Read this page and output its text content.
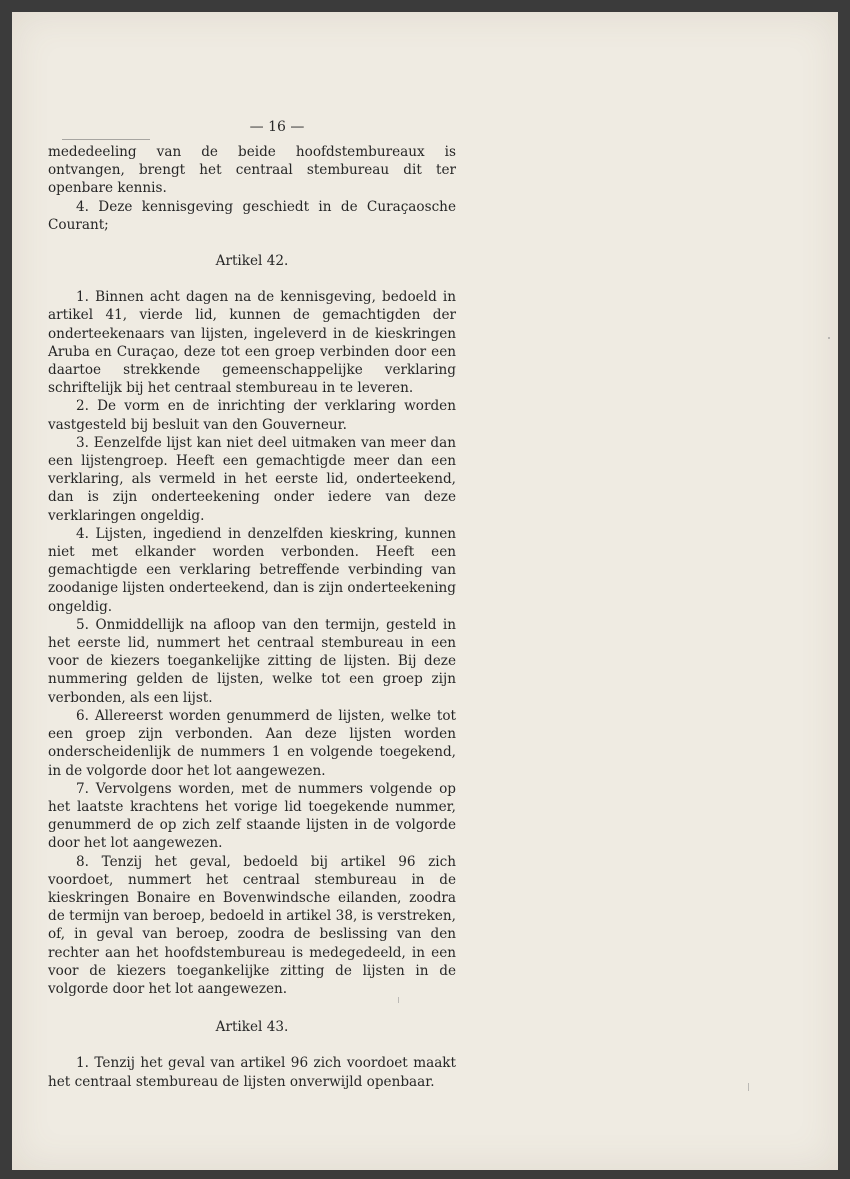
— 16 —

mededeeling van de beide hoofdstembureaux is ontvangen, brengt het centraal stembureau dit ter openbare kennis.

4. Deze kennisgeving geschiedt in de Curaçaosche Courant;

Artikel 42.

1. Binnen acht dagen na de kennisgeving, bedoeld in artikel 41, vierde lid, kunnen de gemachtigden der onderteekenaars van lijsten, ingeleverd in de kieskringen Aruba en Curaçao, deze tot een groep verbinden door een daartoe strekkende gemeenschappelijke verklaring schriftelijk bij het centraal stembureau in te leveren.

2. De vorm en de inrichting der verklaring worden vastgesteld bij besluit van den Gouverneur.

3. Eenzelfde lijst kan niet deel uitmaken van meer dan een lijstengroep. Heeft een gemachtigde meer dan een verklaring, als vermeld in het eerste lid, onderteekend, dan is zijn onderteekening onder iedere van deze verklaringen ongeldig.

4. Lijsten, ingediend in denzelfden kieskring, kunnen niet met elkander worden verbonden. Heeft een gemachtigde een verklaring betreffende verbinding van zoodanige lijsten onderteekend, dan is zijn onderteekening ongeldig.

5. Onmiddellijk na afloop van den termijn, gesteld in het eerste lid, nummert het centraal stembureau in een voor de kiezers toegankelijke zitting de lijsten. Bij deze nummering gelden de lijsten, welke tot een groep zijn verbonden, als een lijst.

6. Allereerst worden genummerd de lijsten, welke tot een groep zijn verbonden. Aan deze lijsten worden onderscheidenlijk de nummers 1 en volgende toegekend, in de volgorde door het lot aangewezen.

7. Vervolgens worden, met de nummers volgende op het laatste krachtens het vorige lid toegekende nummer, genummerd de op zich zelf staande lijsten in de volgorde door het lot aangewezen.

8. Tenzij het geval, bedoeld bij artikel 96 zich voordoet, nummert het centraal stembureau in de kieskringen Bonaire en Bovenwindsche eilanden, zoodra de termijn van beroep, bedoeld in artikel 38, is verstreken, of, in geval van beroep, zoodra de beslissing van den rechter aan het hoofdstembureau is medegedeeld, in een voor de kiezers toegankelijke zitting de lijsten in de volgorde door het lot aangewezen.

Artikel 43.

1. Tenzij het geval van artikel 96 zich voordoet maakt het centraal stembureau de lijsten onverwijld openbaar.
